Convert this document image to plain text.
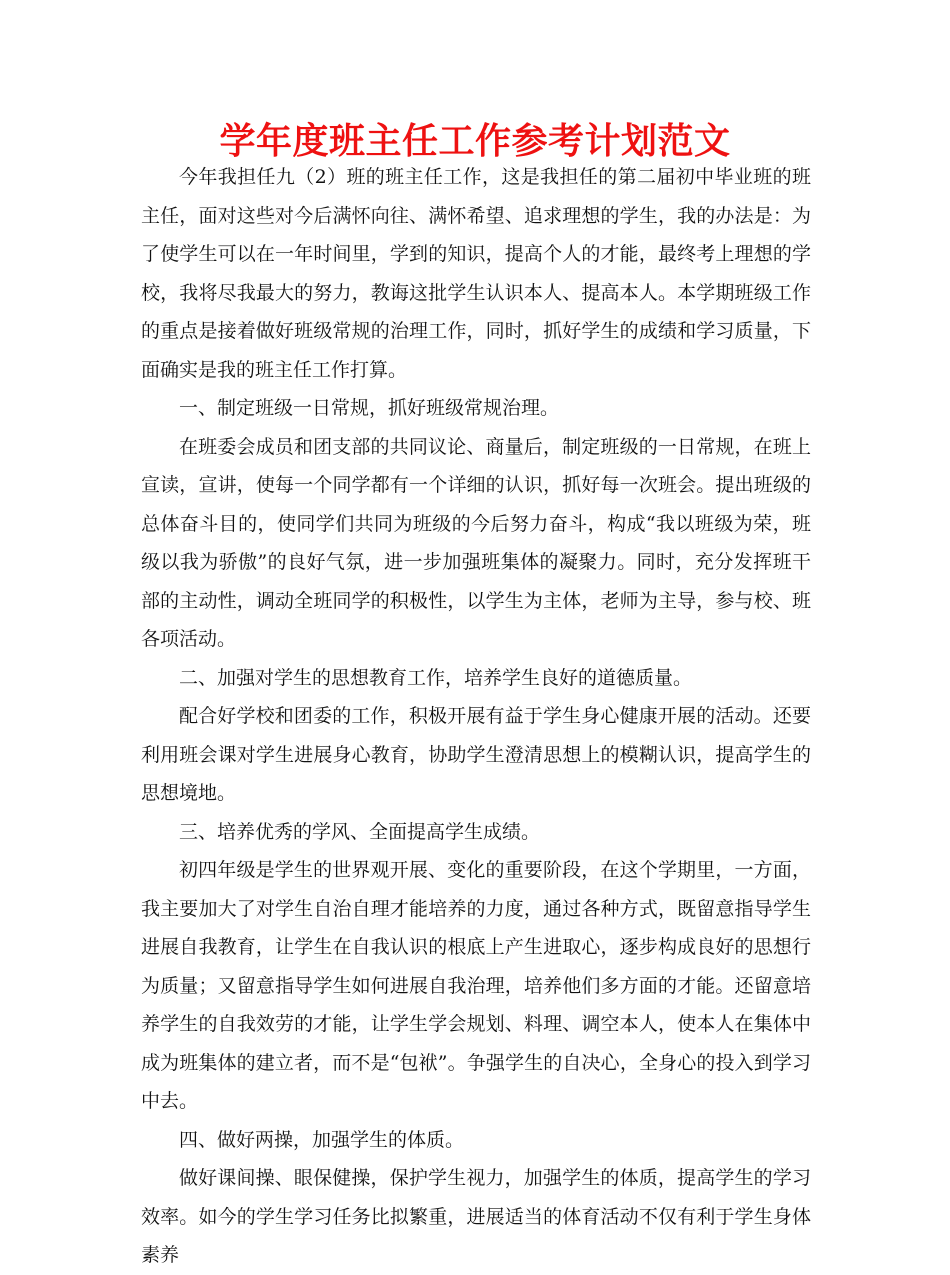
学年度班主任工作参考计划范文

今年我担任九（2）班的班主任工作，这是我担任的第二届初中毕业班的班主任，面对这些对今后满怀向往、满怀希望、追求理想的学生，我的办法是：为了使学生可以在一年时间里，学到的知识，提高个人的才能，最终考上理想的学校，我将尽我最大的努力，教诲这批学生认识本人、提高本人。本学期班级工作的重点是接着做好班级常规的治理工作，同时，抓好学生的成绩和学习质量，下面确实是我的班主任工作打算。

一、制定班级一日常规，抓好班级常规治理。

在班委会成员和团支部的共同议论、商量后，制定班级的一日常规，在班上宣读，宣讲，使每一个同学都有一个详细的认识，抓好每一次班会。提出班级的总体奋斗目的，使同学们共同为班级的今后努力奋斗，构成“我以班级为荣，班级以我为骄傲”的良好气氛，进一步加强班集体的凝聚力。同时，充分发挥班干部的主动性，调动全班同学的积极性，以学生为主体，老师为主导，参与校、班各项活动。

二、加强对学生的思想教育工作，培养学生良好的道德质量。

配合好学校和团委的工作，积极开展有益于学生身心健康开展的活动。还要利用班会课对学生进展身心教育，协助学生澄清思想上的模糊认识，提高学生的思想境地。

三、培养优秀的学风、全面提高学生成绩。

初四年级是学生的世界观开展、变化的重要阶段，在这个学期里，一方面，我主要加大了对学生自治自理才能培养的力度，通过各种方式，既留意指导学生进展自我教育，让学生在自我认识的根底上产生进取心，逐步构成良好的思想行为质量；又留意指导学生如何进展自我治理，培养他们多方面的才能。还留意培养学生的自我效劳的才能，让学生学会规划、料理、调空本人，使本人在集体中成为班集体的建立者，而不是“包袱”。争强学生的自决心，全身心的投入到学习中去。

四、做好两操，加强学生的体质。

做好课间操、眼保健操，保护学生视力，加强学生的体质，提高学生的学习效率。如今的学生学习任务比拟繁重，进展适当的体育活动不仅有利于学生身体素养
